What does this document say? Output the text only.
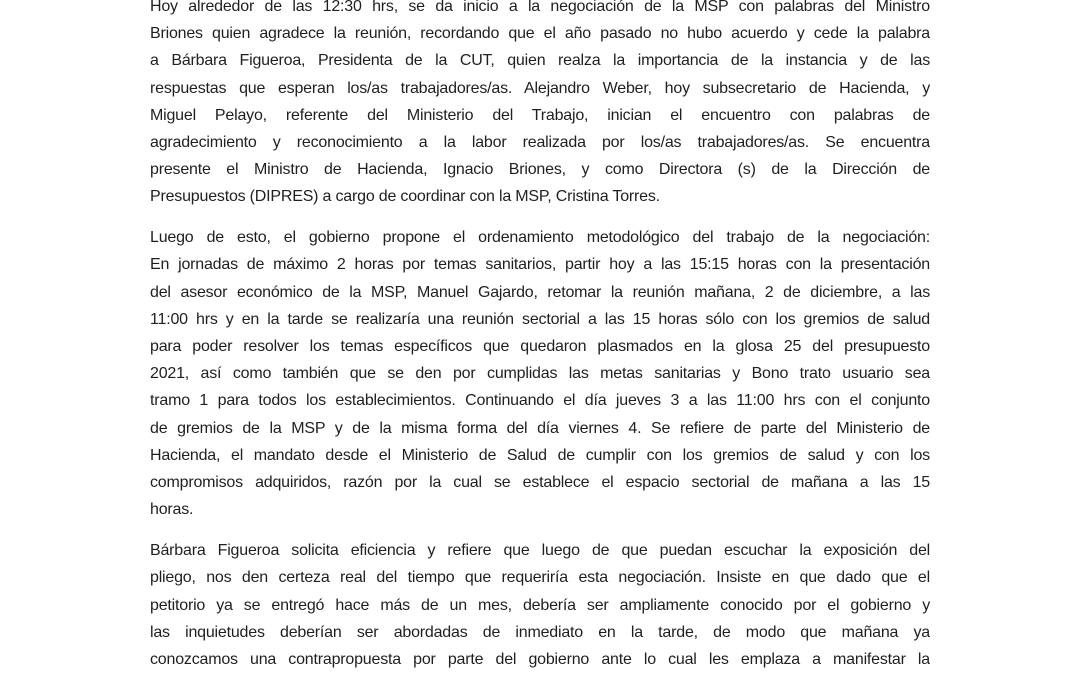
Hoy alrededor de las 12:30 hrs, se da inicio a la negociación de la MSP con palabras del Ministro
Briones quien agradece la reunión, recordando que el año pasado no hubo acuerdo y cede la palabra
a Bárbara Figueroa, Presidenta de la CUT, quien realza la importancia de la instancia y de las
respuestas que esperan los/as trabajadores/as. Alejandro Weber, hoy subsecretario de Hacienda, y
Miguel Pelayo, referente del Ministerio del Trabajo, inician el encuentro con palabras de
agradecimiento y reconocimiento a la labor realizada por los/as trabajadores/as. Se encuentra
presente el Ministro de Hacienda, Ignacio Briones, y como Directora (s) de la Dirección de
Presupuestos (DIPRES) a cargo de coordinar con la MSP, Cristina Torres.
Luego de esto, el gobierno propone el ordenamiento metodológico del trabajo de la negociación:
En jornadas de máximo 2 horas por temas sanitarios, partir hoy a las 15:15 horas con la presentación
del asesor económico de la MSP, Manuel Gajardo, retomar la reunión mañana, 2 de diciembre, a las
11:00 hrs y en la tarde se realizaría una reunión sectorial a las 15 horas sólo con los gremios de salud
para poder resolver los temas específicos que quedaron plasmados en la glosa 25 del presupuesto
2021, así como también que se den por cumplidas las metas sanitarias y Bono trato usuario sea
tramo 1 para todos los establecimientos. Continuando el día jueves 3 a las 11:00 hrs con el conjunto
de gremios de la MSP y de la misma forma del día viernes 4. Se refiere de parte del Ministerio de
Hacienda, el mandato desde el Ministerio de Salud de cumplir con los gremios de salud y con los
compromisos adquiridos, razón por la cual se establece el espacio sectorial de mañana a las 15
horas.
Bárbara Figueroa solicita eficiencia y refiere que luego de que puedan escuchar la exposición del
pliego, nos den certeza real del tiempo que requeriría esta negociación. Insiste en que dado que el
petitorio ya se entregó hace más de un mes, debería ser ampliamente conocido por el gobierno y
las inquietudes deberían ser abordadas de inmediato en la tarde, de modo que mañana ya
conozcamos una contrapropuesta por parte del gobierno ante lo cual les emplaza a manifestar la
